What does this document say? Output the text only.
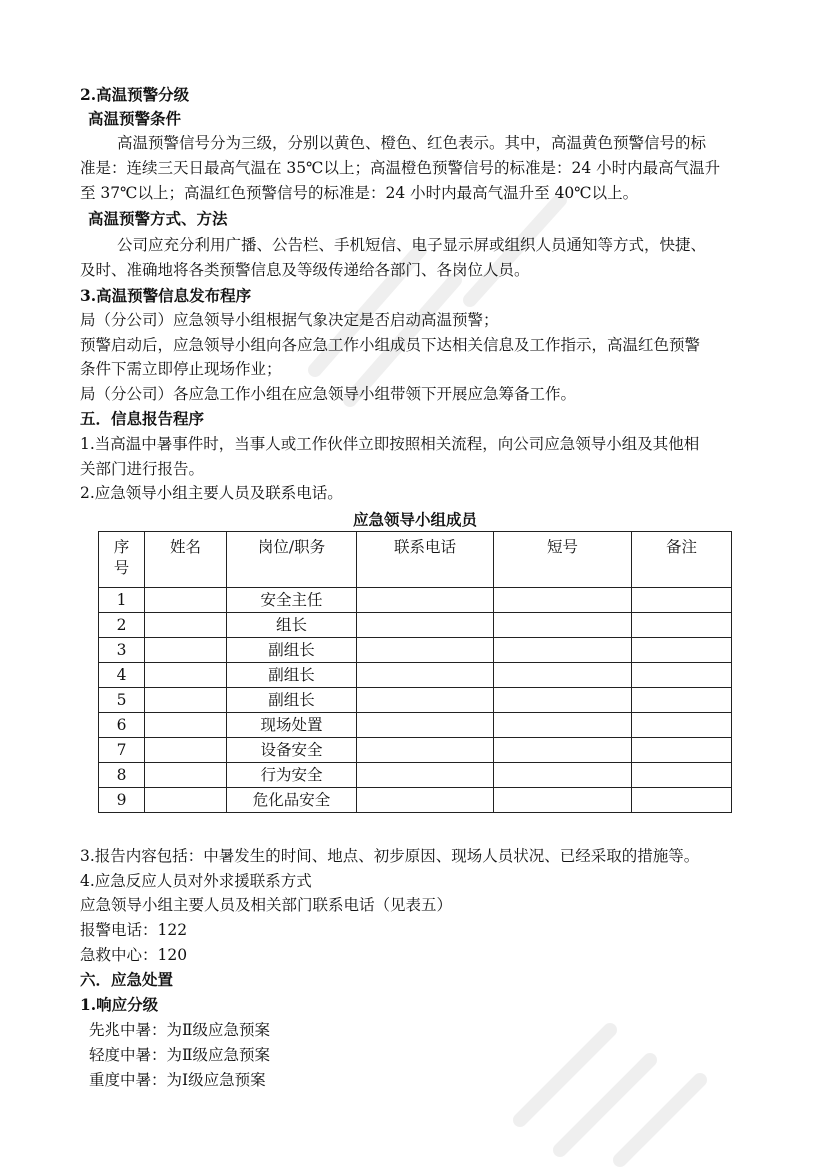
2.高温预警分级
高温预警条件
高温预警信号分为三级，分别以黄色、橙色、红色表示。其中，高温黄色预警信号的标
准是：连续三天日最高气温在 35℃以上；高温橙色预警信号的标准是：24 小时内最高气温升
至 37℃以上；高温红色预警信号的标准是：24 小时内最高气温升至 40℃以上。
高温预警方式、方法
公司应充分利用广播、公告栏、手机短信、电子显示屏或组织人员通知等方式，快捷、
及时、准确地将各类预警信息及等级传递给各部门、各岗位人员。
3.高温预警信息发布程序
局（分公司）应急领导小组根据气象决定是否启动高温预警；
预警启动后，应急领导小组向各应急工作小组成员下达相关信息及工作指示，高温红色预警
条件下需立即停止现场作业；
局（分公司）各应急工作小组在应急领导小组带领下开展应急筹备工作。
五．信息报告程序
1.当高温中暑事件时，当事人或工作伙伴立即按照相关流程，向公司应急领导小组及其他相
关部门进行报告。
2.应急领导小组主要人员及联系电话。
应急领导小组成员
序
号	姓名	岗位/职务	联系电话	短号	备注
1		安全主任			
2		组长			
3		副组长			
4		副组长			
5		副组长			
6		现场处置			
7		设备安全			
8		行为安全			
9		危化品安全			
3.报告内容包括：中暑发生的时间、地点、初步原因、现场人员状况、已经采取的措施等。
4.应急反应人员对外求援联系方式
应急领导小组主要人员及相关部门联系电话（见表五）
报警电话：122
急救中心：120
六．应急处置
1.响应分级
先兆中暑：为Ⅱ级应急预案
轻度中暑：为Ⅱ级应急预案
重度中暑：为Ⅰ级应急预案
